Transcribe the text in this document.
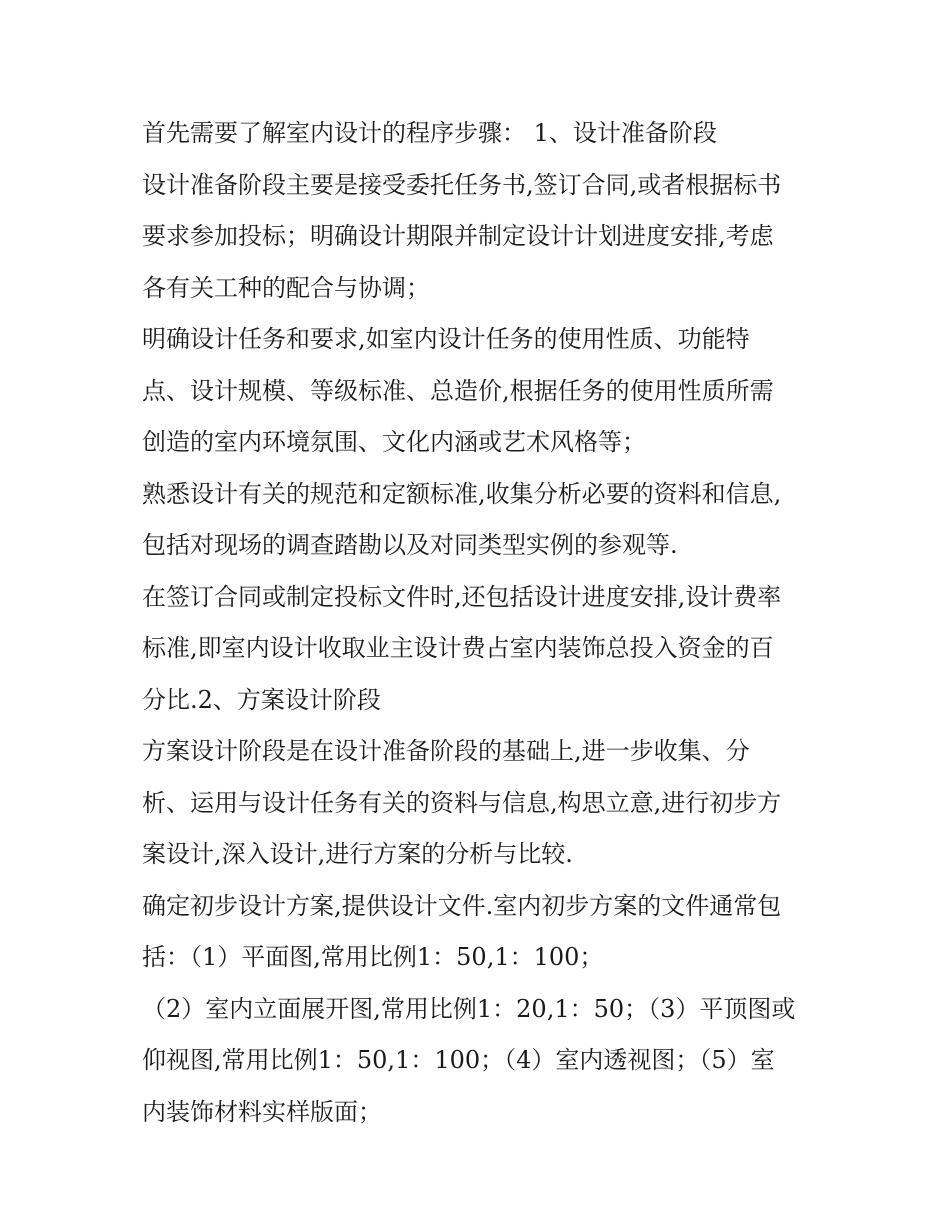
首先需要了解室内设计的程序步骤： 1、设计准备阶段
设计准备阶段主要是接受委托任务书,签订合同,或者根据标书
要求参加投标；明确设计期限并制定设计计划进度安排,考虑
各有关工种的配合与协调；
明确设计任务和要求,如室内设计任务的使用性质、功能特
点、设计规模、等级标准、总造价,根据任务的使用性质所需
创造的室内环境氛围、文化内涵或艺术风格等；
熟悉设计有关的规范和定额标准,收集分析必要的资料和信息,
包括对现场的调查踏勘以及对同类型实例的参观等.
在签订合同或制定投标文件时,还包括设计进度安排,设计费率
标准,即室内设计收取业主设计费占室内装饰总投入资金的百
分比.2、方案设计阶段
方案设计阶段是在设计准备阶段的基础上,进一步收集、分
析、运用与设计任务有关的资料与信息,构思立意,进行初步方
案设计,深入设计,进行方案的分析与比较.
确定初步设计方案,提供设计文件.室内初步方案的文件通常包
括：（1）平面图,常用比例1：50,1：100；
（2）室内立面展开图,常用比例1：20,1：50；（3）平顶图或
仰视图,常用比例1：50,1：100；（4）室内透视图；（5）室
内装饰材料实样版面；
